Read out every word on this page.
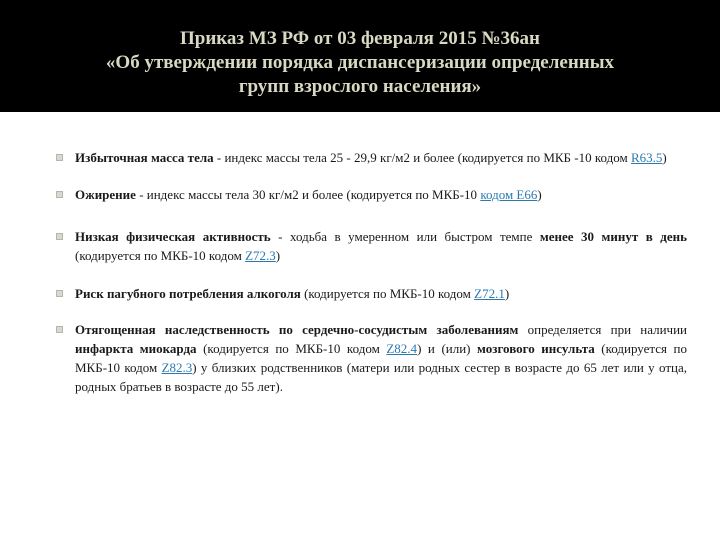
Приказ МЗ РФ от 03 февраля 2015 №36ан
«Об утверждении порядка диспансеризации определенных
групп взрослого населения»
Избыточная масса тела - индекс массы тела 25 - 29,9 кг/м2 и более (кодируется по МКБ -10 кодом R63.5)
Ожирение - индекс массы тела 30 кг/м2 и более (кодируется по МКБ-10 кодом E66)
Низкая физическая активность - ходьба в умеренном или быстром темпе менее 30 минут в день (кодируется по МКБ-10 кодом Z72.3)
Риск пагубного потребления алкоголя (кодируется по МКБ-10 кодом Z72.1)
Отягощенная наследственность по сердечно-сосудистым заболеваниям определяется при наличии инфаркта миокарда (кодируется по МКБ-10 кодом Z82.4) и (или) мозгового инсульта (кодируется по МКБ-10 кодом Z82.3) у близких родственников (матери или родных сестер в возрасте до 65 лет или у отца, родных братьев в возрасте до 55 лет).
